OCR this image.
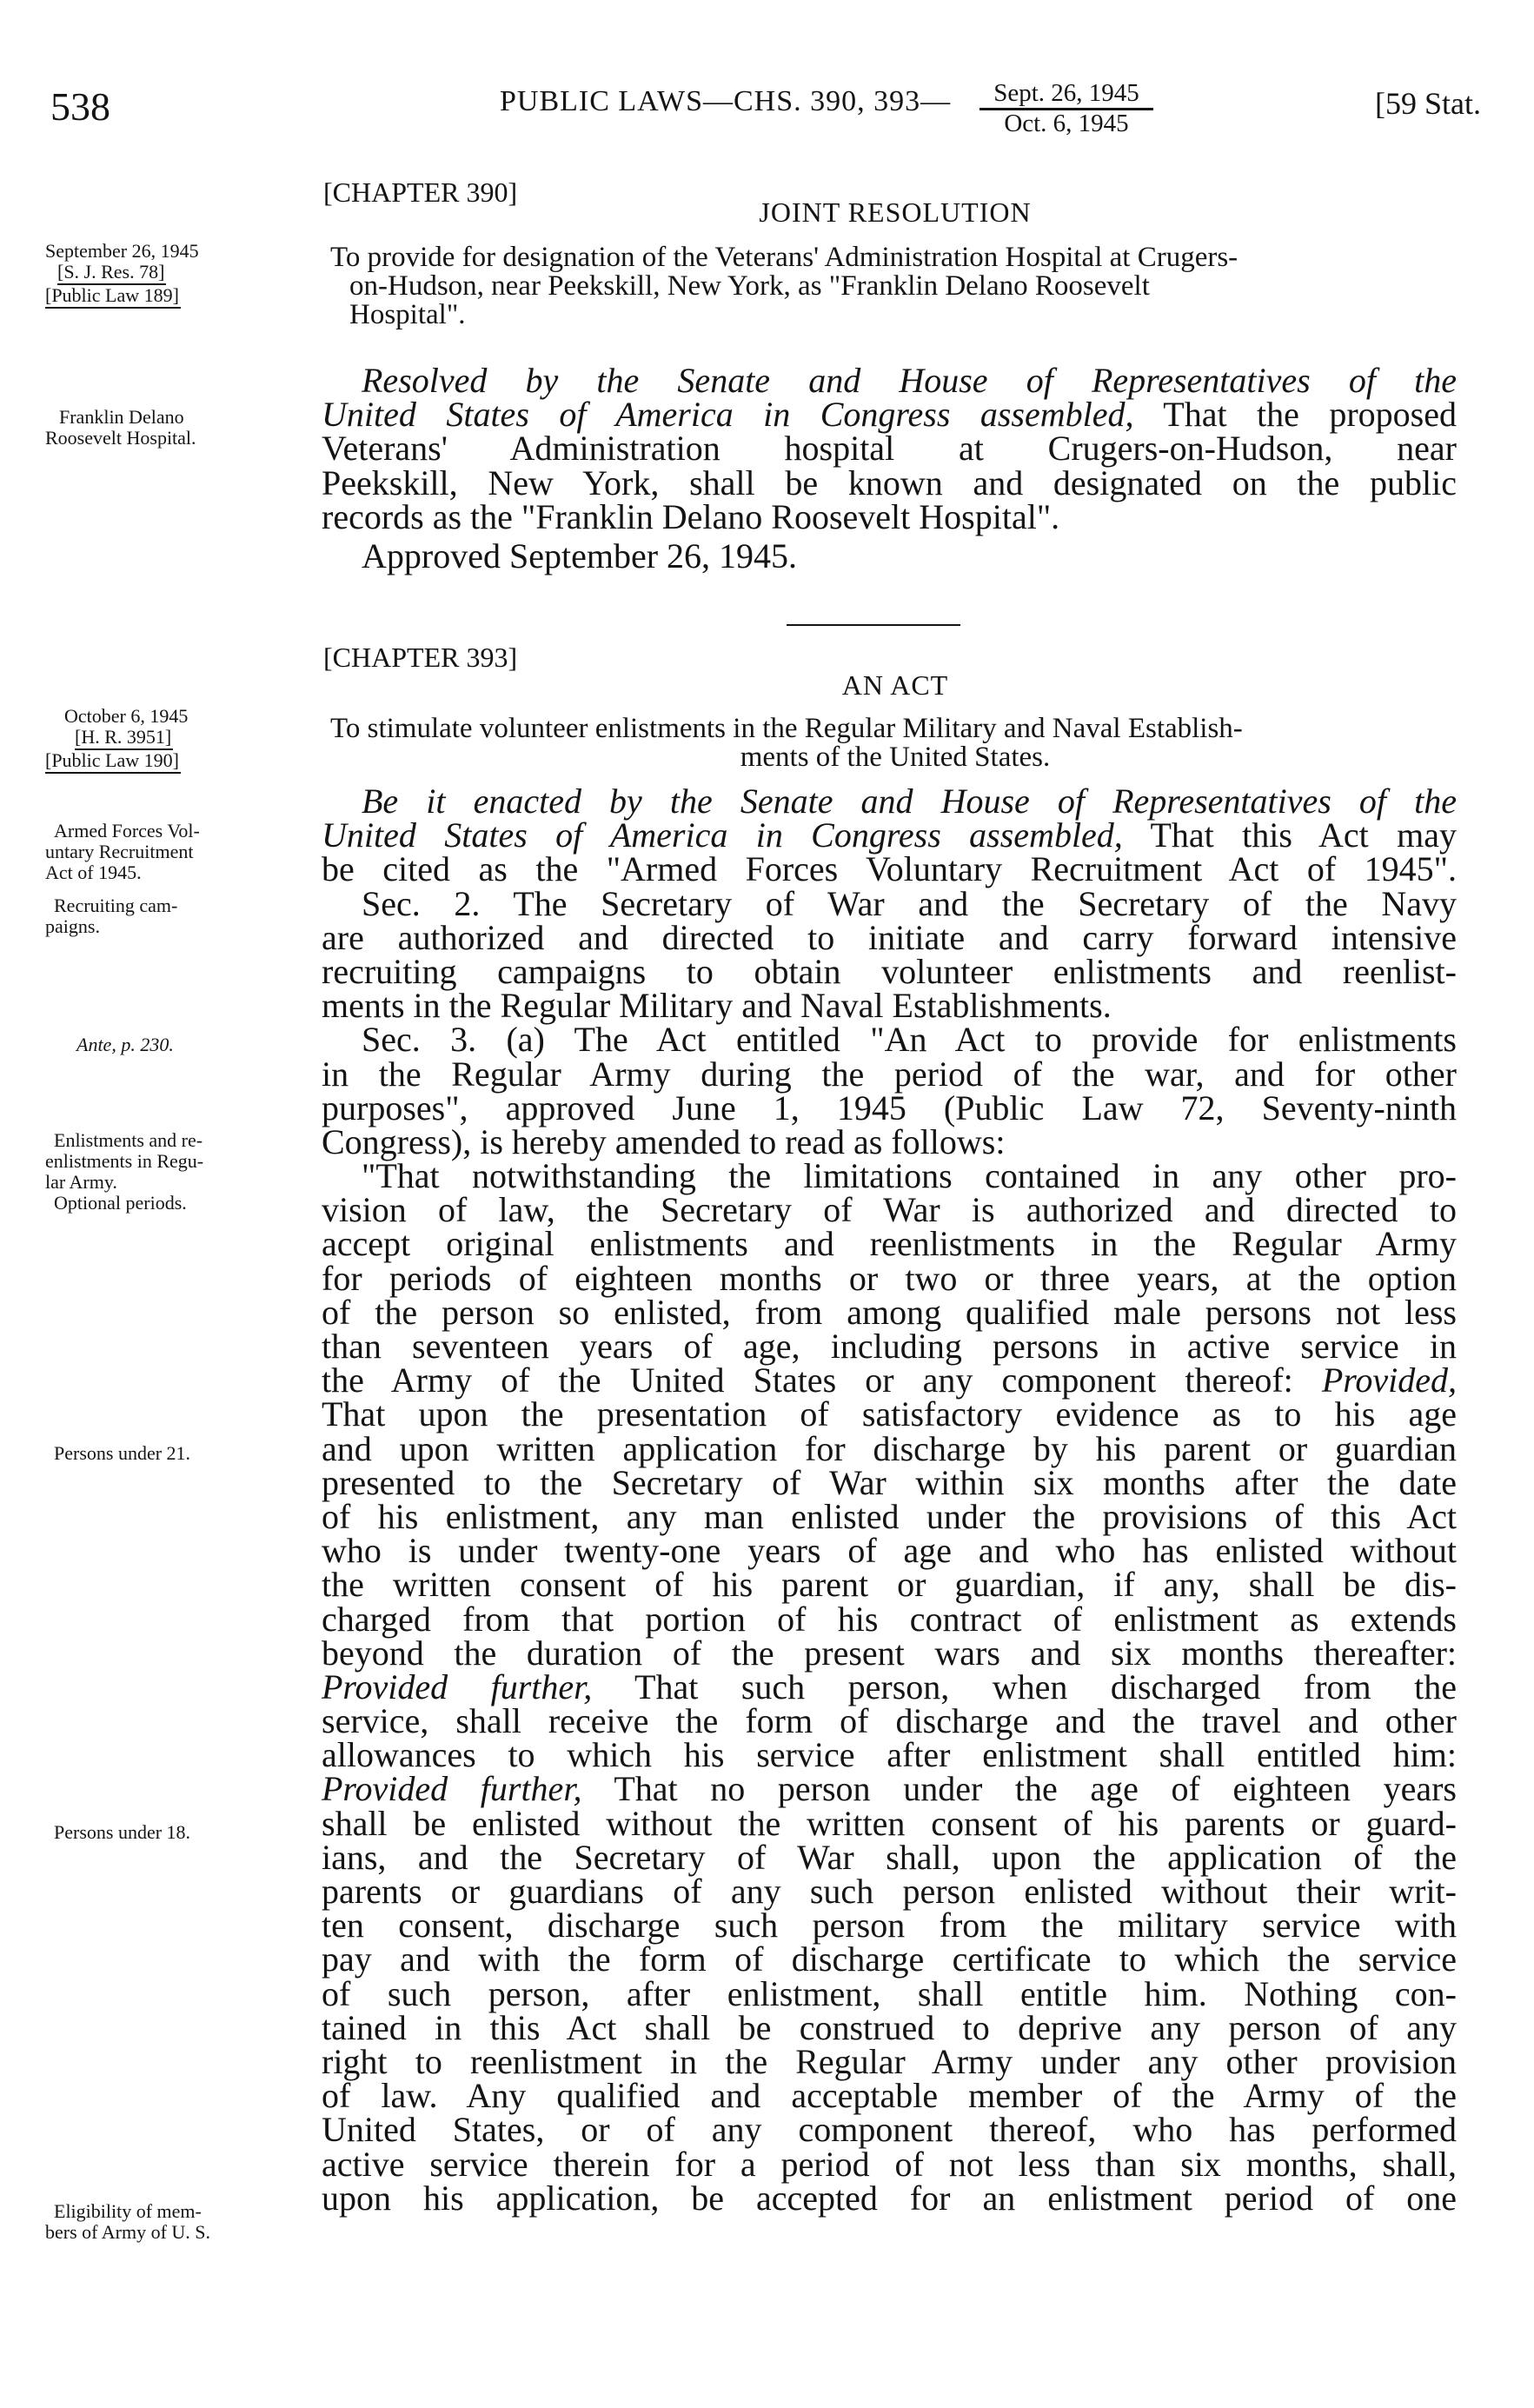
538	PUBLIC LAWS—CHS. 390, 393—	Sept. 26, 1945
Oct. 6, 1945
[59 Stat.
[CHAPTER 390]
JOINT RESOLUTION
To provide for designation of the Veterans' Administration Hospital at Crugers-
on-Hudson, near Peekskill, New York, as "Franklin Delano Roosevelt
Hospital".
September 26, 1945
[S. J. Res. 78]
[Public Law 189]
Franklin Delano
Roosevelt Hospital.
Resolved by the Senate and House of Representatives of the
United States of America in Congress assembled, That the proposed
Veterans' Administration hospital at Crugers-on-Hudson, near
Peekskill, New York, shall be known and designated on the public
records as the "Franklin Delano Roosevelt Hospital".
Approved September 26, 1945.
[CHAPTER 393]
AN ACT
To stimulate volunteer enlistments in the Regular Military and Naval Establish-
ments of the United States.
October 6, 1945
[H. R. 3951]
[Public Law 190]
Armed Forces Vol-
untary Recruitment
Act of 1945.
Recruiting cam-
paigns.
Ante, p. 230.
Enlistments and re-
enlistments in Regu-
lar Army.
Optional periods.
Persons under 21.
Persons under 18.
Eligibility of mem-
bers of Army of U. S.
Be it enacted by the Senate and House of Representatives of the
United States of America in Congress assembled, That this Act may
be cited as the "Armed Forces Voluntary Recruitment Act of 1945".
Sec. 2. The Secretary of War and the Secretary of the Navy
are authorized and directed to initiate and carry forward intensive
recruiting campaigns to obtain volunteer enlistments and reenlist-
ments in the Regular Military and Naval Establishments.
Sec. 3. (a) The Act entitled "An Act to provide for enlistments
in the Regular Army during the period of the war, and for other
purposes", approved June 1, 1945 (Public Law 72, Seventy-ninth
Congress), is hereby amended to read as follows:
"That notwithstanding the limitations contained in any other pro-
vision of law, the Secretary of War is authorized and directed to
accept original enlistments and reenlistments in the Regular Army
for periods of eighteen months or two or three years, at the option
of the person so enlisted, from among qualified male persons not less
than seventeen years of age, including persons in active service in
the Army of the United States or any component thereof: Provided,
That upon the presentation of satisfactory evidence as to his age
and upon written application for discharge by his parent or guardian
presented to the Secretary of War within six months after the date
of his enlistment, any man enlisted under the provisions of this Act
who is under twenty-one years of age and who has enlisted without
the written consent of his parent or guardian, if any, shall be dis-
charged from that portion of his contract of enlistment as extends
beyond the duration of the present wars and six months thereafter:
Provided further, That such person, when discharged from the
service, shall receive the form of discharge and the travel and other
allowances to which his service after enlistment shall entitled him:
Provided further, That no person under the age of eighteen years
shall be enlisted without the written consent of his parents or guard-
ians, and the Secretary of War shall, upon the application of the
parents or guardians of any such person enlisted without their writ-
ten consent, discharge such person from the military service with
pay and with the form of discharge certificate to which the service
of such person, after enlistment, shall entitle him. Nothing con-
tained in this Act shall be construed to deprive any person of any
right to reenlistment in the Regular Army under any other provision
of law. Any qualified and acceptable member of the Army of the
United States, or of any component thereof, who has performed
active service therein for a period of not less than six months, shall,
upon his application, be accepted for an enlistment period of one
